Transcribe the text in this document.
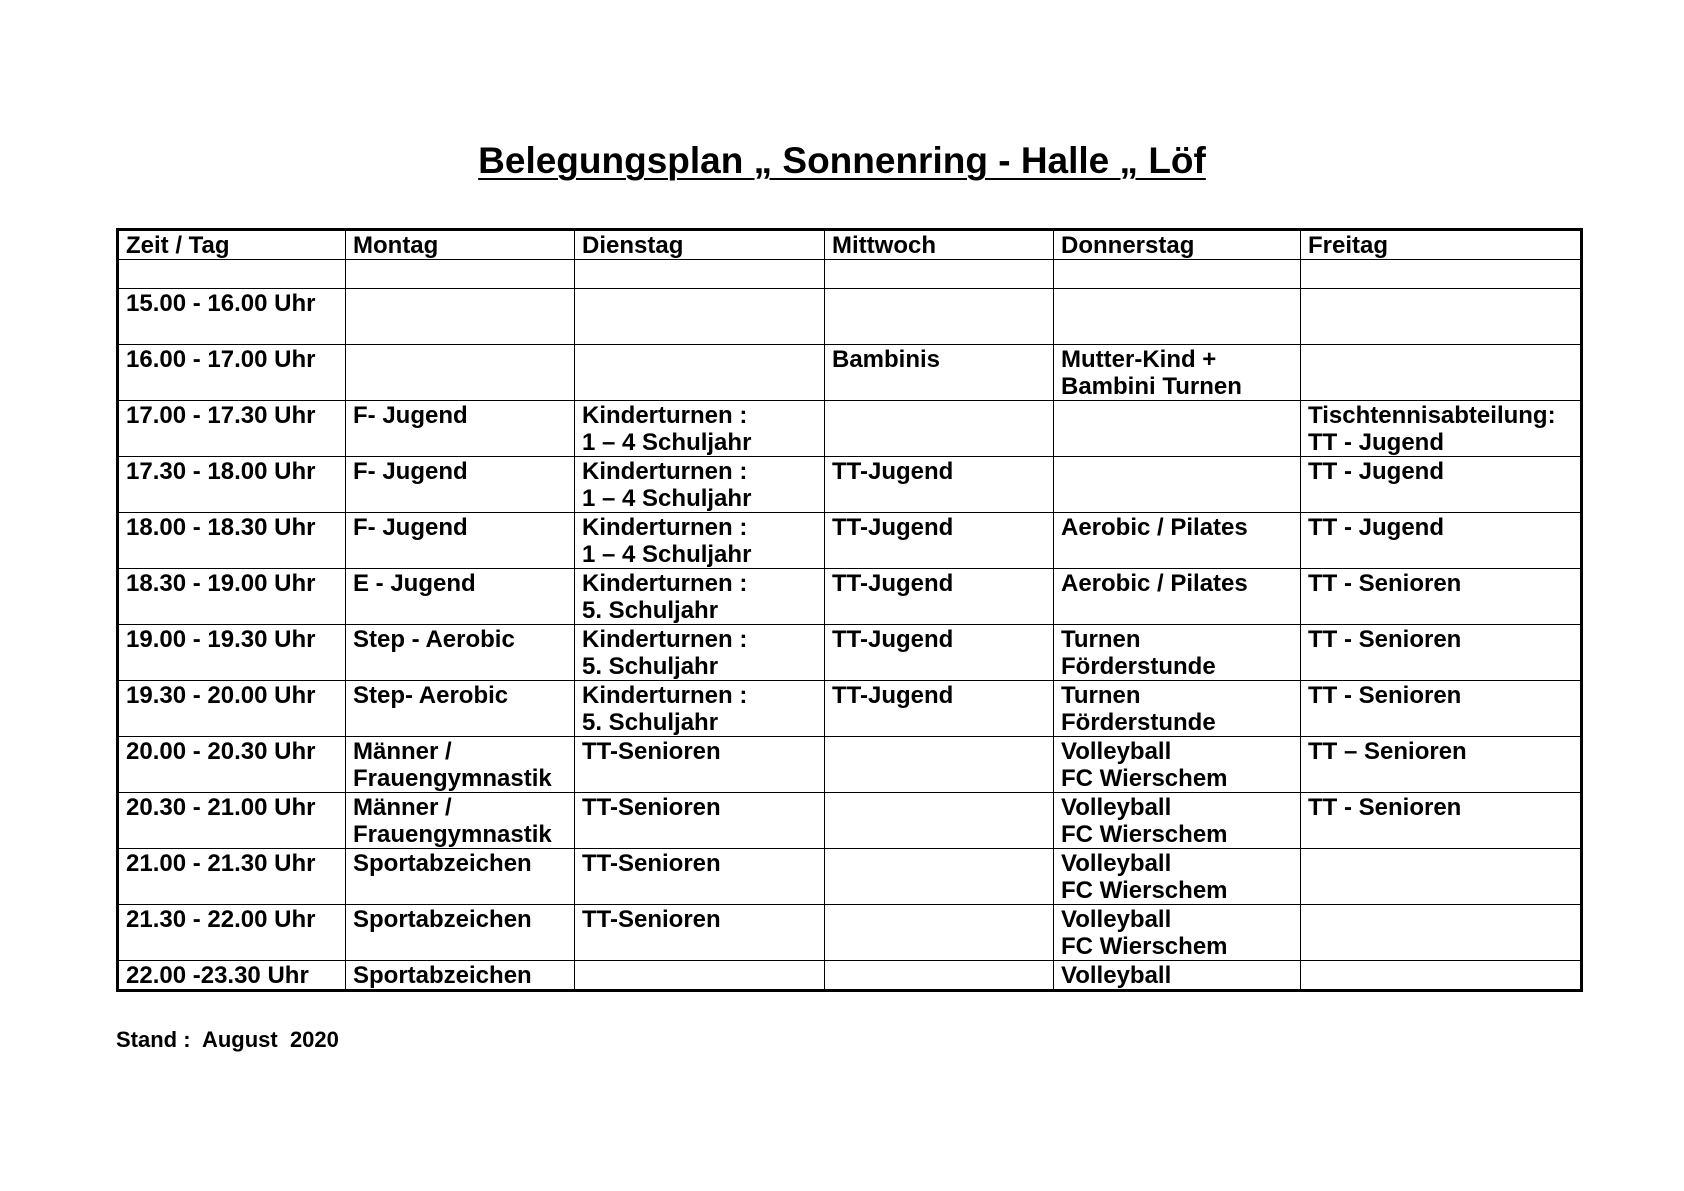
Belegungsplan „ Sonnenring - Halle „ Löf
Zeit / Tag	Montag	Dienstag	Mittwoch	Donnerstag	Freitag

15.00 - 16.00 Uhr					
16.00 - 17.00 Uhr			Bambinis	Mutter-Kind +
Bambini Turnen	
17.00 - 17.30 Uhr	F- Jugend	Kinderturnen :
1 – 4 Schuljahr			Tischtennisabteilung:
TT - Jugend
17.30 - 18.00 Uhr	F- Jugend	Kinderturnen :
1 – 4 Schuljahr	TT-Jugend		TT - Jugend
18.00 - 18.30 Uhr	F- Jugend	Kinderturnen :
1 – 4 Schuljahr	TT-Jugend	Aerobic / Pilates	TT - Jugend
18.30 - 19.00 Uhr	E - Jugend	Kinderturnen :
5. Schuljahr	TT-Jugend	Aerobic / Pilates	TT - Senioren
19.00 - 19.30 Uhr	Step - Aerobic	Kinderturnen :
5. Schuljahr	TT-Jugend	Turnen
Förderstunde	TT - Senioren
19.30 - 20.00 Uhr	Step- Aerobic	Kinderturnen :
5. Schuljahr	TT-Jugend	Turnen
Förderstunde	TT - Senioren
20.00 - 20.30 Uhr	Männer /
Frauengymnastik	TT-Senioren		Volleyball
FC Wierschem	TT – Senioren
20.30 - 21.00 Uhr	Männer /
Frauengymnastik	TT-Senioren		Volleyball
FC Wierschem	TT - Senioren
21.00 - 21.30 Uhr	Sportabzeichen	TT-Senioren		Volleyball
FC Wierschem	
21.30 - 22.00 Uhr	Sportabzeichen	TT-Senioren		Volleyball
FC Wierschem	
22.00 -23.30 Uhr	Sportabzeichen			Volleyball	
Stand :  August  2020
